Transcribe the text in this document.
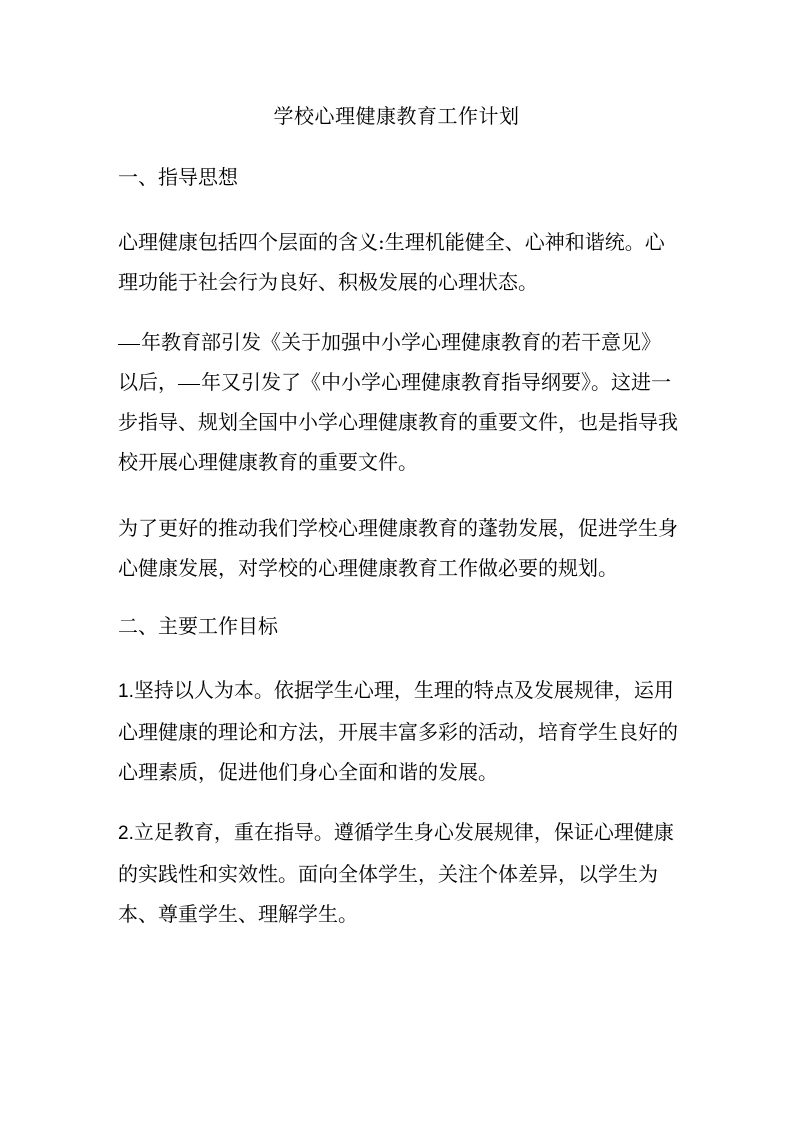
学校心理健康教育工作计划
一、指导思想

心理健康包括四个层面的含义:生理机能健全、心神和谐统。心理功能于社会行为良好、积极发展的心理状态。

年教育部引发《关于加强中小学心理健康教育的若干意见》以后， 年又引发了《中小学心理健康教育指导纲要》。这进一步指导、规划全国中小学心理健康教育的重要文件，也是指导我校开展心理健康教育的重要文件。

为了更好的推动我们学校心理健康教育的蓬勃发展，促进学生身心健康发展，对学校的心理健康教育工作做必要的规划。

二、主要工作目标

1.坚持以人为本。依据学生心理，生理的特点及发展规律，运用心理健康的理论和方法，开展丰富多彩的活动，培育学生良好的心理素质，促进他们身心全面和谐的发展。

2.立足教育，重在指导。遵循学生身心发展规律，保证心理健康的实践性和实效性。面向全体学生，关注个体差异，以学生为本、尊重学生、理解学生。
